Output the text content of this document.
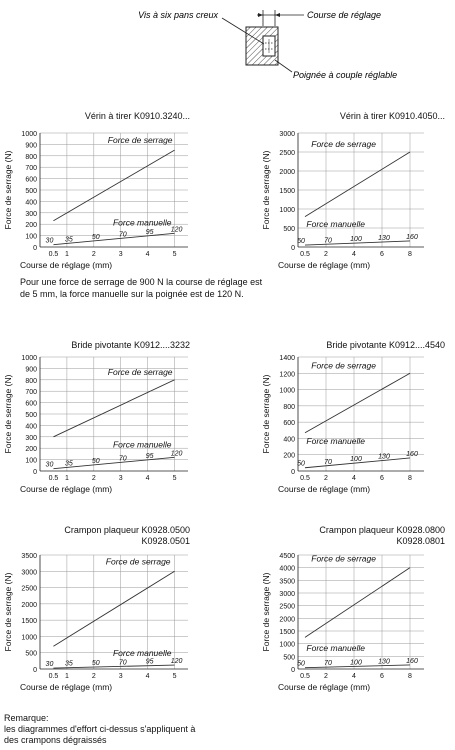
Vis à six pans creux	Course de réglage
Poignée à couple réglable
Vérin à tirer K0910.3240...	Vérin à tirer K0910.4050...
Bride pivotante K0912....3232	Bride pivotante K0912....4540
Crampon plaqueur K0928.0500
K0928.0501
Crampon plaqueur K0928.0800
K0928.0801
0
100
200
300
400
500
600
700
800
900
1000
0.5 1	2	3	4	5
Course de réglage (mm)
Force de serrage (N)
Force de serrage
Force manuelle
30 35	50	70	95 120
0
500
1000
1500
2000
2500
3000
0.5 2	4	6	8
Course de réglage (mm)
Force de serrage (N)
Force de serrage
Force manuelle
50	70	100 130 160
0
100
200
300
400
500
600
700
800
900
1000
0.5 1	2	3	4	5
Course de réglage (mm)
Force de serrage (N)
Force de serrage
Force manuelle
30 35	50	70	95 120
0
200
400
600
800
1000
1200
1400
0.5 2	4	6	8
Course de réglage (mm)
Force de serrage (N)
Force de serrage
Force manuelle
50	70	100 130 160
0
500
1000
1500
2000
2500
3000
3500
0.5 1	2	3	4	5
Course de réglage (mm)
Force de serrage (N)
Force de serrage
Force manuelle
30 35	50	70	95 120
0
500
1000
1500
2000
2500
3000
3500
4000
4500
0.5 2	4	6	8
Course de réglage (mm)
Force de serrage (N)
Force de serrage
Force manuelle
50	70	100 130 160
Pour une force de serrage de 900 N la course de réglage est
de 5 mm, la force manuelle sur la poignée est de 120 N.
Remarque:
les diagrammes d'effort ci-dessus s'appliquent à
des crampons dégraissés
